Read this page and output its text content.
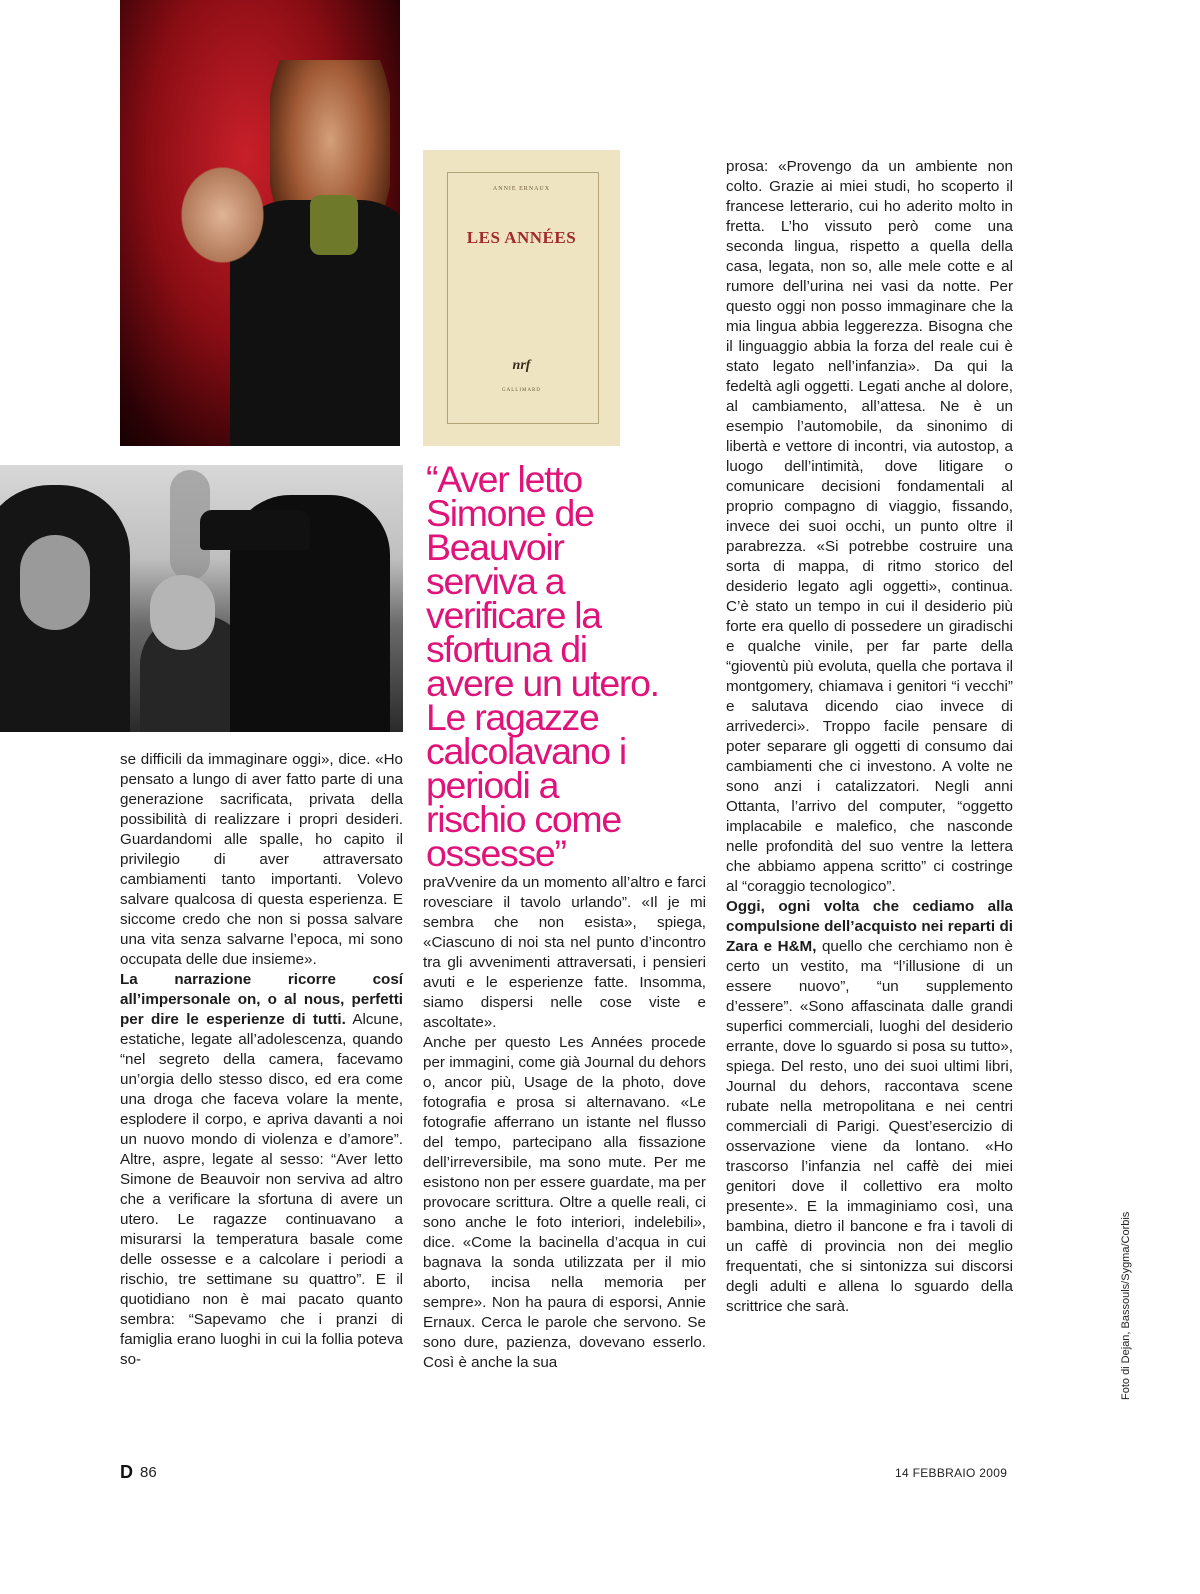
ANNIE ERNAUX
LES ANNÉES
nrf
GALLIMARD

“Aver letto Simone de Beauvoir serviva a verificare la sfortuna di avere un utero. Le ragazze calcolavano i periodi a rischio come ossesse”

se difficili da immaginare oggi», dice. «Ho pensato a lungo di aver fatto parte di una generazione sacrificata, privata della possibilità di realizzare i propri desideri. Guardandomi alle spalle, ho capito il privilegio di aver attraversato cambiamenti tanto importanti. Volevo salvare qualcosa di questa esperienza. E siccome credo che non si possa salvare una vita senza salvarne l’epoca, mi sono occupata delle due insieme».

La narrazione ricorre cosí all’impersonale on, o al nous, perfetti per dire le esperienze di tutti. Alcune, estatiche, legate all’adolescenza, quando “nel segreto della camera, facevamo un’orgia dello stesso disco, ed era come una droga che faceva volare la mente, esplodere il corpo, e apriva davanti a noi un nuovo mondo di violenza e d’amore”. Altre, aspre, legate al sesso: “Aver letto Simone de Beauvoir non serviva ad altro che a verificare la sfortuna di avere un utero. Le ragazze continuavano a misurarsi la temperatura basale come delle ossesse e a calcolare i periodi a rischio, tre settimane su quattro”. E il quotidiano non è mai pacato quanto sembra: “Sapevamo che i pranzi di famiglia erano luoghi in cui la follia poteva so-

praVvenire da un momento all’altro e farci rovesciare il tavolo urlando”. «Il je mi sembra che non esista», spiega, «Ciascuno di noi sta nel punto d’incontro tra gli avvenimenti attraversati, i pensieri avuti e le esperienze fatte. Insomma, siamo dispersi nelle cose viste e ascoltate».

Anche per questo Les Années procede per immagini, come già Journal du dehors o, ancor più, Usage de la photo, dove fotografia e prosa si alternavano. «Le fotografie afferrano un istante nel flusso del tempo, partecipano alla fissazione dell’irreversibile, ma sono mute. Per me esistono non per essere guardate, ma per provocare scrittura. Oltre a quelle reali, ci sono anche le foto interiori, indelebili», dice. «Come la bacinella d’acqua in cui bagnava la sonda utilizzata per il mio aborto, incisa nella memoria per sempre». Non ha paura di esporsi, Annie Ernaux. Cerca le parole che servono. Se sono dure, pazienza, dovevano esserlo. Così è anche la sua

prosa: «Provengo da un ambiente non colto. Grazie ai miei studi, ho scoperto il francese letterario, cui ho aderito molto in fretta. L’ho vissuto però come una seconda lingua, rispetto a quella della casa, legata, non so, alle mele cotte e al rumore dell’urina nei vasi da notte. Per questo oggi non posso immaginare che la mia lingua abbia leggerezza. Bisogna che il linguaggio abbia la forza del reale cui è stato legato nell’infanzia». Da qui la fedeltà agli oggetti. Legati anche al dolore, al cambiamento, all’attesa. Ne è un esempio l’automobile, da sinonimo di libertà e vettore di incontri, via autostop, a luogo dell’intimità, dove litigare o comunicare decisioni fondamentali al proprio compagno di viaggio, fissando, invece dei suoi occhi, un punto oltre il parabrezza. «Si potrebbe costruire una sorta di mappa, di ritmo storico del desiderio legato agli oggetti», continua. C’è stato un tempo in cui il desiderio più forte era quello di possedere un giradischi e qualche vinile, per far parte della “gioventù più evoluta, quella che portava il montgomery, chiamava i genitori “i vecchi” e salutava dicendo ciao invece di arrivederci». Troppo facile pensare di poter separare gli oggetti di consumo dai cambiamenti che ci investono. A volte ne sono anzi i catalizzatori. Negli anni Ottanta, l’arrivo del computer, “oggetto implacabile e malefico, che nasconde nelle profondità del suo ventre la lettera che abbiamo appena scritto” ci costringe al “coraggio tecnologico”.

Oggi, ogni volta che cediamo alla compulsione dell’acquisto nei reparti di Zara e H&M, quello che cerchiamo non è certo un vestito, ma “l’illusione di un essere nuovo”, “un supplemento d’essere”. «Sono affascinata dalle grandi superfici commerciali, luoghi del desiderio errante, dove lo sguardo si posa su tutto», spiega. Del resto, uno dei suoi ultimi libri, Journal du dehors, raccontava scene rubate nella metropolitana e nei centri commerciali di Parigi. Quest’esercizio di osservazione viene da lontano. «Ho trascorso l’infanzia nel caffè dei miei genitori dove il collettivo era molto presente». E la immaginiamo così, una bambina, dietro il bancone e fra i tavoli di un caffè di provincia non dei meglio frequentati, che si sintonizza sui discorsi degli adulti e allena lo sguardo della scrittrice che sarà.

D 86	14 FEBBRAIO 2009
Foto di Dejan, Bassouls/Sygma/Corbis
